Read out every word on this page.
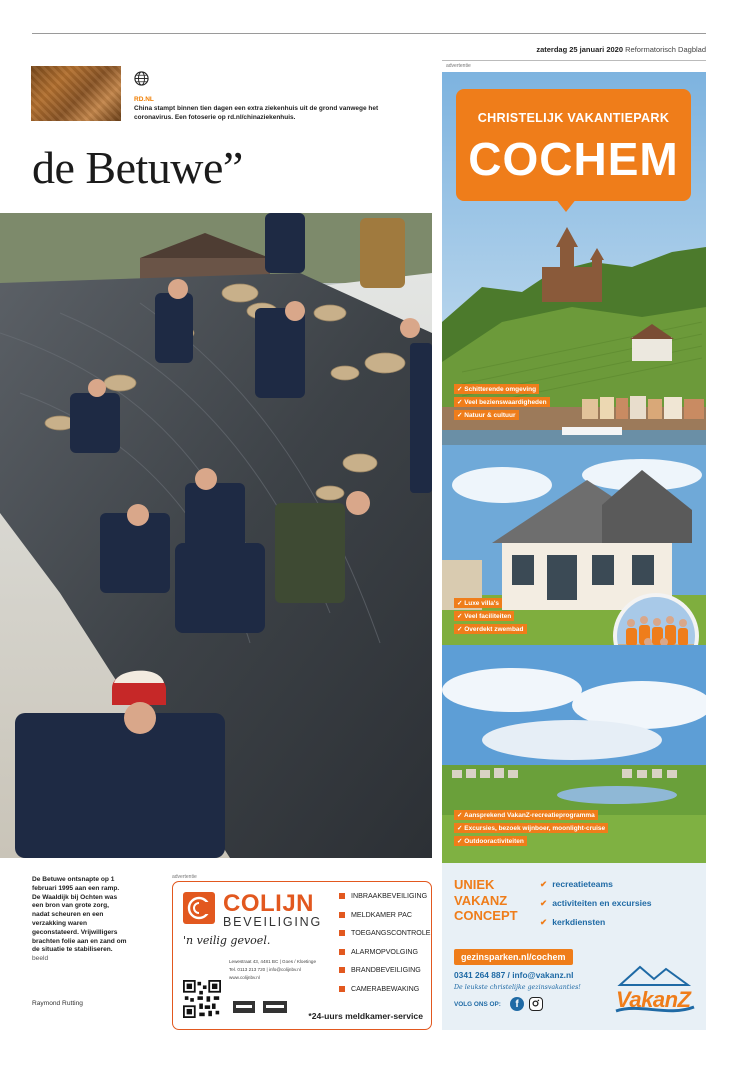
zaterdag 25 januari 2020 Reformatorisch Dagblad
advertentie
RD.NL
China stampt binnen tien dagen een extra ziekenhuis uit de grond vanwege het coronavirus. Een fotoserie op rd.nl/chinaziekenhuis.
de Betuwe”
De Betuwe ontsnapte op 1 februari 1995 aan een ramp. De Waaldijk bij Ochten was een bron van grote zorg, nadat scheuren en een verzakking waren geconstateerd. Vrijwilligers brachten folie aan en zand om de situatie te stabiliseren. beeld
Raymond Rutting
advertentie
COLIJN
BEVEILIGING
'n veilig gevoel.
Lewestraat 43, 4481 BC | Goes / Kloetinge
Tel. 0113 213 720 | info@colijnbv.nl
www.colijnbv.nl
INBRAAKBEVEILIGING
MELDKAMER PAC
TOEGANGSCONTROLE
ALARMOPVOLGING
BRANDBEVEILIGING
CAMERABEWAKING
*24-uurs meldkamer-service
CHRISTELIJK VAKANTIEPARK
COCHEM
✓ Schitterende omgeving
✓ Veel bezienswaardigheden
✓ Natuur & cultuur
✓ Luxe villa's
✓ Veel faciliteiten
✓ Overdekt zwembad
✓ Aansprekend VakanZ-recreatieprogramma
✓ Excursies, bezoek wijnboer, moonlight-cruise
✓ Outdooractiviteiten
UNIEK
VAKANZ
CONCEPT
✔ recreatieteams
✔ activiteiten en excursies
✔ kerkdiensten
gezinsparken.nl/cochem
0341 264 887 / info@vakanz.nl
De leukste christelijke gezinsvakanties!
VOLG ONS OP:	f	VakanZ
